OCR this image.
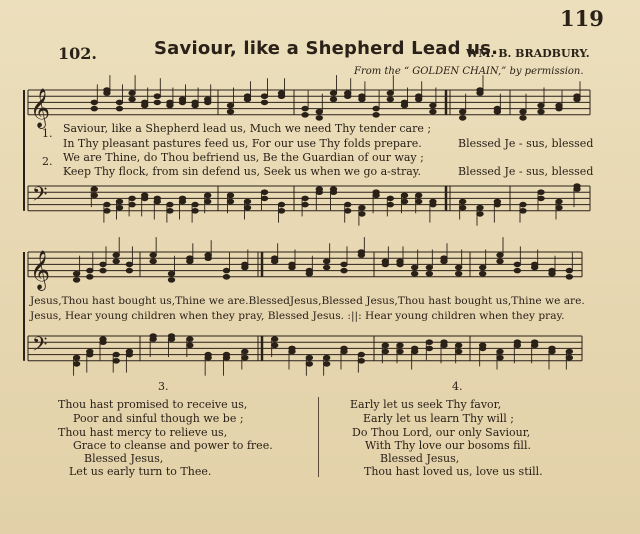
𝄞
𝄢
𝄞
𝄢
119
102.	Saviour, like a Shepherd Lead us.
WM. B. BRADBURY.
From the “ GOLDEN CHAIN,” by permission.
1.
2.
Saviour, like a Shepherd lead us, Much we need Thy tender care ;
In Thy pleasant pastures feed us, For our use Thy folds prepare.
We are Thine, do Thou befriend us, Be the Guardian of our way ;
Keep Thy flock, from sin defend us, Seek us when we go a-stray.
Blessed Je - sus, blessed
Blessed Je - sus, blessed
Jesus,Thou hast bought us,Thine we are.BlessedJesus,Blessed Jesus,Thou hast bought us,Thine we are.
Jesus, Hear young children when they pray, Blessed Jesus. :||: Hear young children when they pray.
3.
Thou hast promised to receive us,
Poor and sinful though we be ;
Thou hast mercy to relieve us,
Grace to cleanse and power to free.
Blessed Jesus,
Let us early turn to Thee.
4.
Early let us seek Thy favor,
Early let us learn Thy will ;
Do Thou Lord, our only Saviour,
With Thy love our bosoms fill.
Blessed Jesus,
Thou hast loved us, love us still.
